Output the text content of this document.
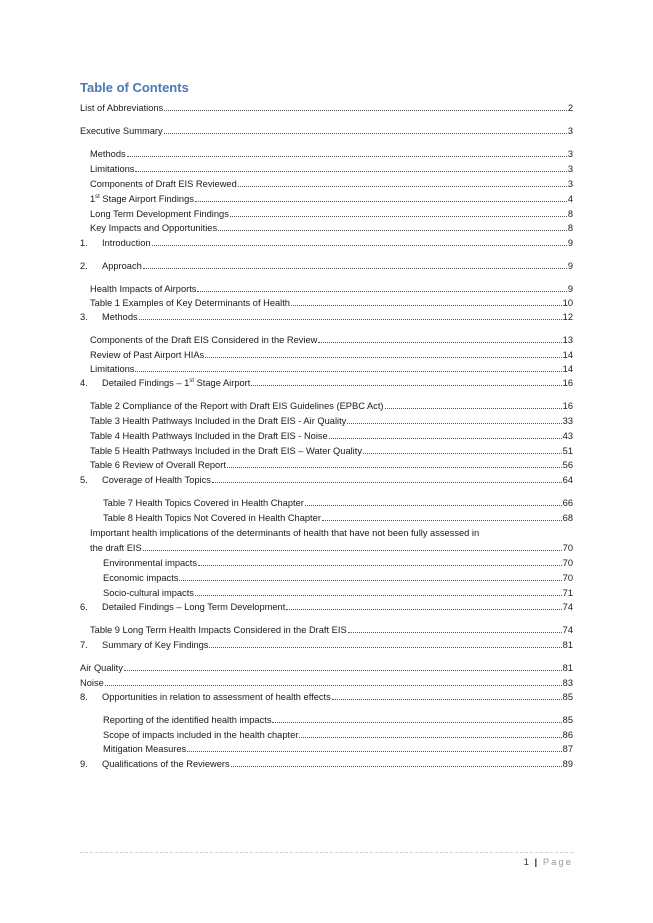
Table of Contents
List of Abbreviations	2
Executive Summary	3
Methods	3
Limitations	3
Components of Draft EIS Reviewed	3
1st Stage Airport Findings	4
Long Term Development Findings	8
Key Impacts and Opportunities	8
1.	Introduction	9
2.	Approach	9
Health Impacts of Airports	9
Table 1 Examples of Key Determinants of Health	10
3.	Methods	12
Components of the Draft EIS Considered in the Review	13
Review of Past Airport HIAs	14
Limitations	14
4.	Detailed Findings – 1st Stage Airport	16
Table 2 Compliance of the Report with Draft EIS Guidelines (EPBC Act)	16
Table 3 Health Pathways Included in the Draft EIS - Air Quality	33
Table 4 Health Pathways Included in the Draft EIS - Noise	43
Table 5 Health Pathways Included in the Draft EIS – Water Quality	51
Table 6 Review of Overall Report	56
5.	Coverage of Health Topics	64
Table 7 Health Topics Covered in Health Chapter	66
Table 8 Health Topics Not Covered in Health Chapter	68
Important health implications of the determinants of health that have not been fully assessed in
the draft EIS	70
Environmental impacts	70
Economic impacts	70
Socio-cultural impacts	71
6.	Detailed Findings – Long Term Development	74
Table 9 Long Term Health Impacts Considered in the Draft EIS	74
7.	Summary of Key Findings	81
Air Quality	81
Noise	83
8.	Opportunities in relation to assessment of health effects	85
Reporting of the identified health impacts	85
Scope of impacts included in the health chapter	86
Mitigation Measures	87
9.	Qualifications of the Reviewers	89
1 | Page
